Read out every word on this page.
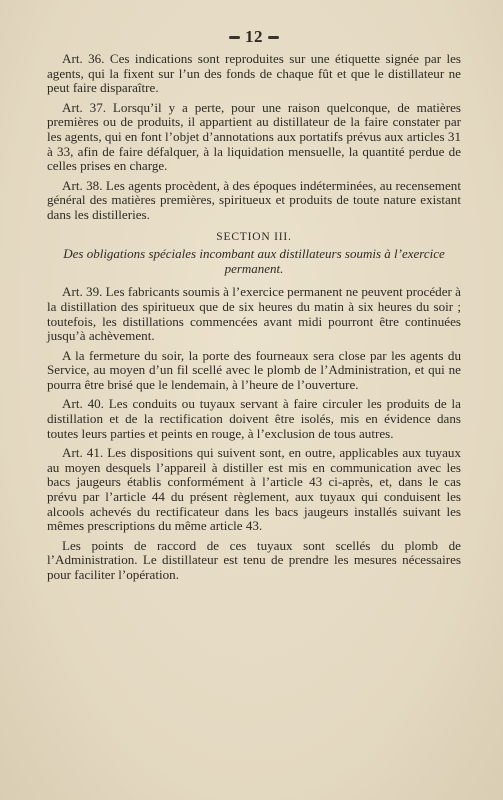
12

Art. 36. Ces indications sont reproduites sur une étiquette signée par les agents, qui la fixent sur l’un des fonds de chaque fût et que le distillateur ne peut faire disparaître.

Art. 37. Lorsqu’il y a perte, pour une raison quelconque, de matières premières ou de produits, il appartient au distillateur de la faire constater par les agents, qui en font l’objet d’annotations aux portatifs prévus aux articles 31 à 33, afin de faire défalquer, à la liquidation mensuelle, la quantité perdue de celles prises en charge.

Art. 38. Les agents procèdent, à des époques indéterminées, au recensement général des matières premières, spiritueux et produits de toute nature existant dans les distilleries.

SECTION III.

Des obligations spéciales incombant aux distillateurs soumis à l’exercice permanent.

Art. 39. Les fabricants soumis à l’exercice permanent ne peuvent procéder à la distillation des spiritueux que de six heures du matin à six heures du soir ; toutefois, les distillations commencées avant midi pourront être continuées jusqu’à achèvement.

A la fermeture du soir, la porte des fourneaux sera close par les agents du Service, au moyen d’un fil scellé avec le plomb de l’Administration, et qui ne pourra être brisé que le lendemain, à l’heure de l’ouverture.

Art. 40. Les conduits ou tuyaux servant à faire circuler les produits de la distillation et de la rectification doivent être isolés, mis en évidence dans toutes leurs parties et peints en rouge, à l’exclusion de tous autres.

Art. 41. Les dispositions qui suivent sont, en outre, applicables aux tuyaux au moyen desquels l’appareil à distiller est mis en communication avec les bacs jaugeurs établis conformément à l’article 43 ci-après, et, dans le cas prévu par l’article 44 du présent règlement, aux tuyaux qui conduisent les alcools achevés du rectificateur dans les bacs jaugeurs installés suivant les mêmes prescriptions du même article 43.

Les points de raccord de ces tuyaux sont scellés du plomb de l’Administration. Le distillateur est tenu de prendre les mesures nécessaires pour faciliter l’opération.
